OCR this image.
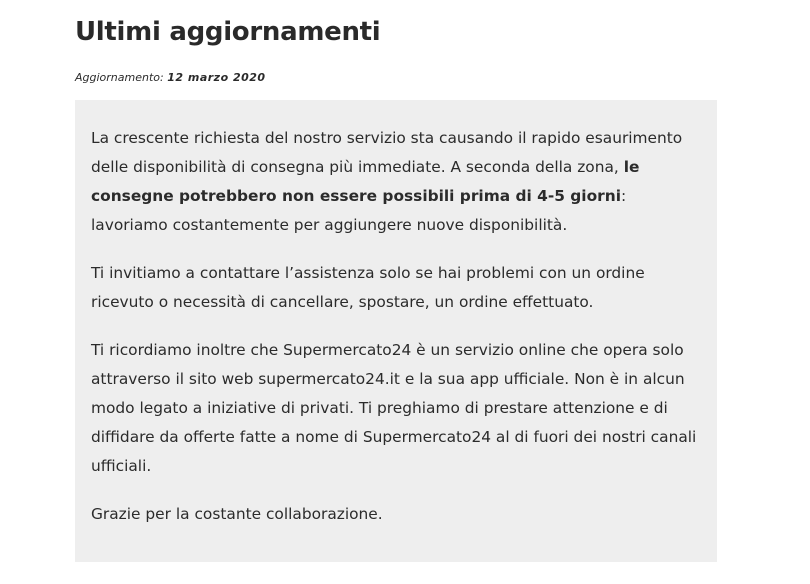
Ultimi aggiornamenti
Aggiornamento: 12 marzo 2020

La crescente richiesta del nostro servizio sta causando il rapido esaurimento delle disponibilità di consegna più immediate. A seconda della zona, le consegne potrebbero non essere possibili prima di 4-5 giorni: lavoriamo costantemente per aggiungere nuove disponibilità.

Ti invitiamo a contattare l’assistenza solo se hai problemi con un ordine ricevuto o necessità di cancellare, spostare, un ordine effettuato.

Ti ricordiamo inoltre che Supermercato24 è un servizio online che opera solo attraverso il sito web supermercato24.it e la sua app ufficiale. Non è in alcun modo legato a iniziative di privati. Ti preghiamo di prestare attenzione e di diffidare da offerte fatte a nome di Supermercato24 al di fuori dei nostri canali ufficiali.

Grazie per la costante collaborazione.
